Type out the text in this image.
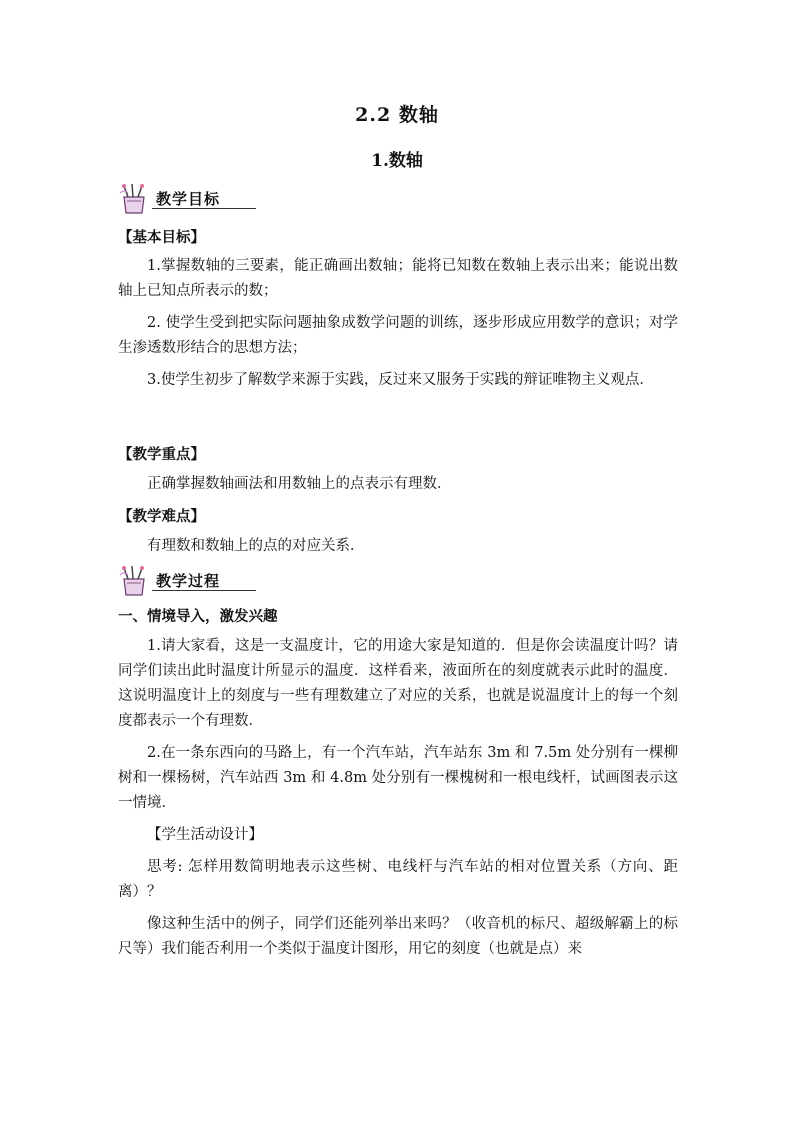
2.2 数轴
1.数轴
教学目标
【基本目标】

1.掌握数轴的三要素，能正确画出数轴；能将已知数在数轴上表示出来；能说出数轴上已知点所表示的数；

2. 使学生受到把实际问题抽象成数学问题的训练，逐步形成应用数学的意识；对学生渗透数形结合的思想方法；

3.使学生初步了解数学来源于实践，反过来又服务于实践的辩证唯物主义观点．

【教学重点】

正确掌握数轴画法和用数轴上的点表示有理数．

【教学难点】

有理数和数轴上的点的对应关系．

教学过程
一、情境导入，激发兴趣

1.请大家看，这是一支温度计，它的用途大家是知道的．但是你会读温度计吗？请同学们读出此时温度计所显示的温度．这样看来，液面所在的刻度就表示此时的温度．这说明温度计上的刻度与一些有理数建立了对应的关系，也就是说温度计上的每一个刻度都表示一个有理数．

2.在一条东西向的马路上，有一个汽车站，汽车站东 3m 和 7.5m 处分别有一棵柳树和一棵杨树，汽车站西 3m 和 4.8m 处分别有一棵槐树和一根电线杆，试画图表示这一情境．

【学生活动设计】

思考: 怎样用数简明地表示这些树、电线杆与汽车站的相对位置关系（方向、距离）？

像这种生活中的例子，同学们还能列举出来吗？（收音机的标尺、超级解霸上的标尺等）我们能否利用一个类似于温度计图形，用它的刻度（也就是点）来
